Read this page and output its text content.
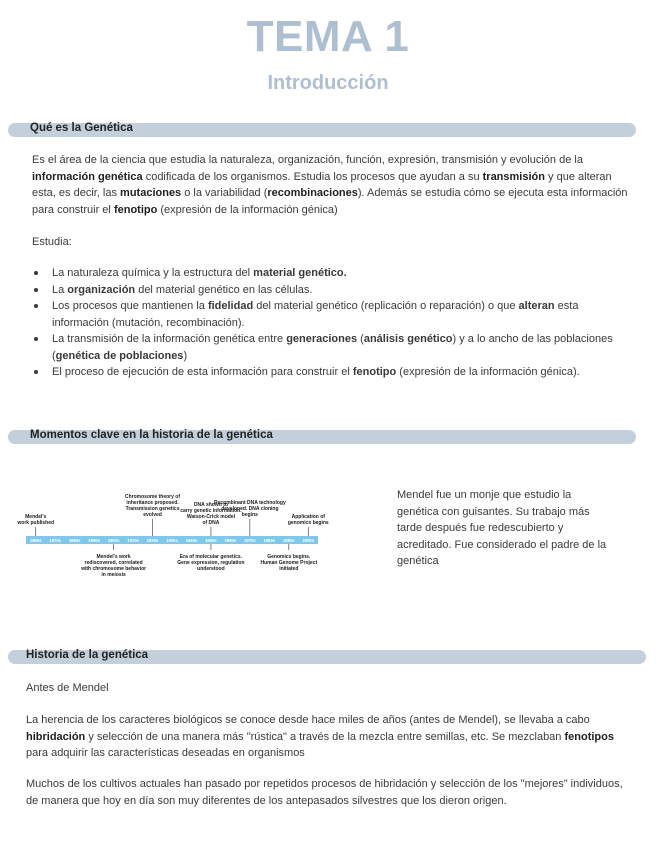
TEMA 1
Introducción
Qué es la Genética
Es el área de la ciencia que estudia la naturaleza, organización, función, expresión, transmisión y evolución de la información genética codificada de los organismos. Estudia los procesos que ayudan a su transmisión y que alteran esta, es decir, las mutaciones o la variabilidad (recombinaciones). Además se estudia cómo se ejecuta esta información para construir el fenotipo (expresión de la información génica)
Estudia:
La naturaleza química y la estructura del material genético.
La organización del material genético en las células.
Los procesos que mantienen la fidelidad del material genético (replicación o reparación) o que alteran esta información (mutación, recombinación).
La transmisión de la información genética entre generaciones (análisis genético) y a lo ancho de las poblaciones (genética de poblaciones)
El proceso de ejecución de esta información para construir el fenotipo (expresión de la información génica).
Momentos clave en la historia de la genética
1860s 1870s 1880s 1890s 1900s 1910s 1920s 1930s 1940s 1950s 1960s 1970s 1980s 1990s 2000s
Mendel's
work published
Chromosome theory of
inheritance proposed.
Transmission genetics
evolved
DNA shown to
carry genetic information.
Watson-Crick model
of DNA
Recombinant DNA technology
developed. DNA cloning
begins	Application of
genomics begins
Mendel's work
rediscovered, correlated
with chromosome behavior
in meiosis
Era of molecular genetics.
Gene expression, regulation
understood
Genomics begins.
Human Genome Project
initiated
Mendel fue un monje que estudio la genética con guisantes. Su trabajo más tarde después fue redescubierto y acreditado. Fue considerado el padre de la genética
Historia de la genética
Antes de Mendel
La herencia de los caracteres biológicos se conoce desde hace miles de años (antes de Mendel), se llevaba a cabo hibridación y selección de una manera más "rústica" a través de la mezcla entre semillas, etc. Se mezclaban fenotipos para adquirir las características deseadas en organismos
Muchos de los cultivos actuales han pasado por repetidos procesos de hibridación y selección de los "mejores" individuos, de manera que hoy en día son muy diferentes de los antepasados silvestres que los dieron origen.
